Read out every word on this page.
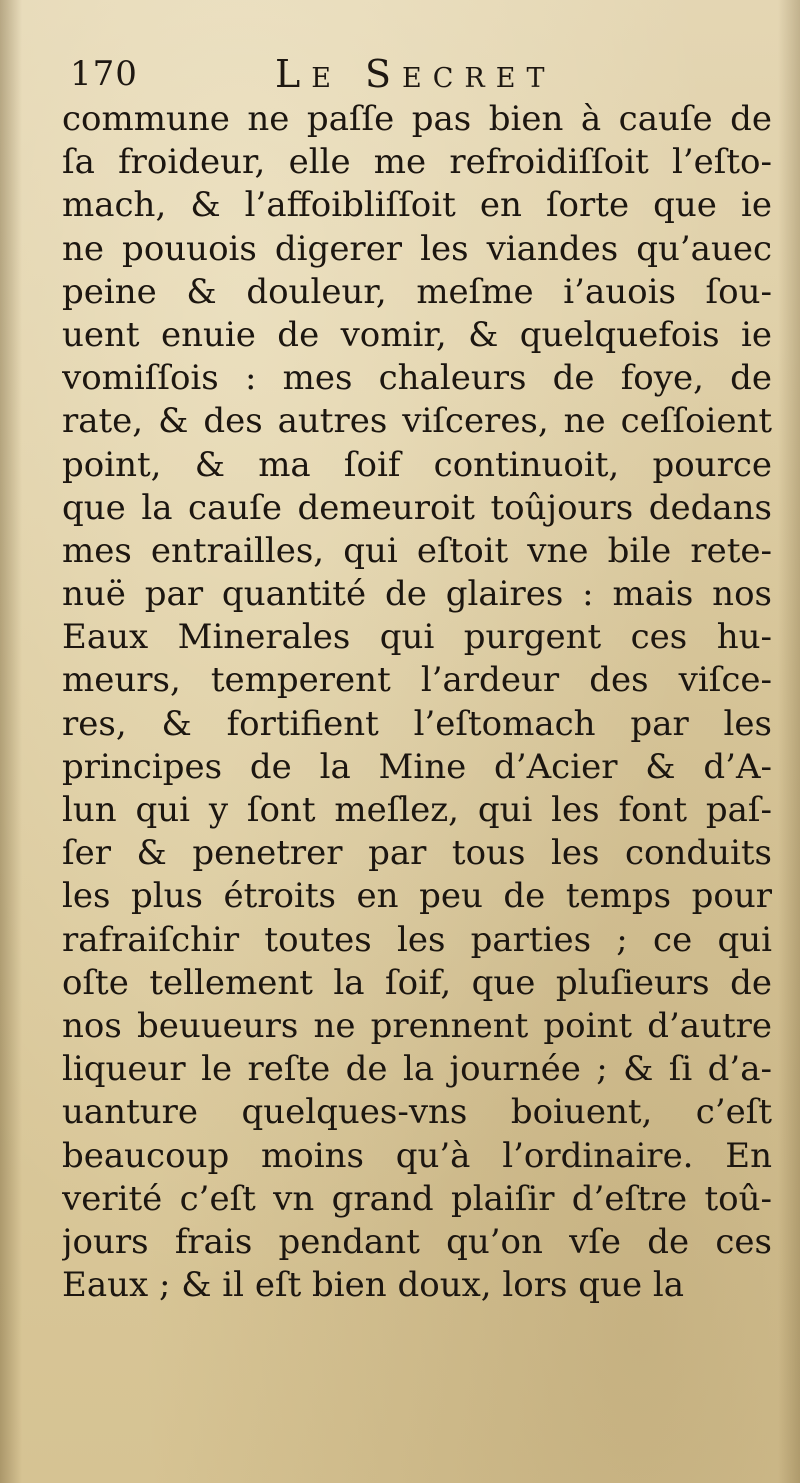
170	Le Secret
commune ne paſſe pas bien à cauſe de
ſa froideur, elle me refroidiſſoit l’eſto-
mach, & l’affoibliſſoit en ſorte que ie
ne pouuois digerer les viandes qu’auec
peine & douleur, meſme i’auois ſou-
uent enuie de vomir, & quelquefois ie
vomiſſois : mes chaleurs de foye, de
rate, & des autres viſceres, ne ceſſoient
point, & ma ſoif continuoit, pource
que la cauſe demeuroit toûjours dedans
mes entrailles, qui eſtoit vne bile rete-
nuë par quantité de glaires : mais nos
Eaux Minerales qui purgent ces hu-
meurs, temperent l’ardeur des viſce-
res, & fortifient l’eſtomach par les
principes de la Mine d’Acier & d’A-
lun qui y ſont meſlez, qui les font paſ-
ſer & penetrer par tous les conduits
les plus étroits en peu de temps pour
rafraiſchir toutes les parties ; ce qui
oſte tellement la ſoif, que pluſieurs de
nos beuueurs ne prennent point d’autre
liqueur le reſte de la journée ; & ſi d’a-
uanture quelques-vns boiuent, c’eſt
beaucoup moins qu’à l’ordinaire. En
verité c’eſt vn grand plaiſir d’eſtre toû-
jours frais pendant qu’on vſe de ces
Eaux ; & il eſt bien doux, lors que la
